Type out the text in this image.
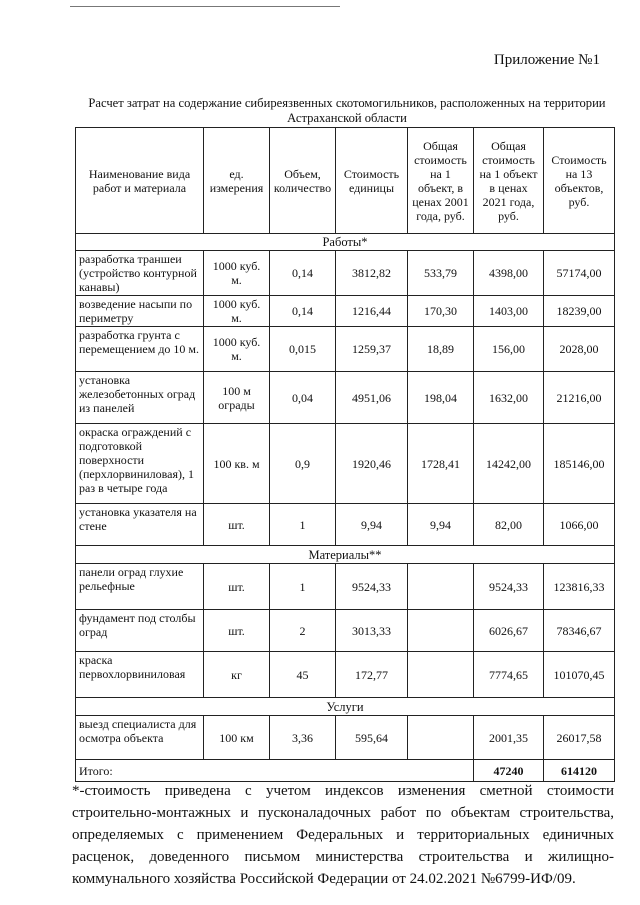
Приложение №1
Расчет затрат на содержание сибиреязвенных скотомогильников, расположенных на территории Астраханской области
Наименование вида работ и материала	ед. измерения	Объем, количество	Стоимость единицы	Общая стоимость на 1 объект, в ценах 2001 года, руб.	Общая стоимость на 1 объект в ценах 2021 года, руб.	Стоимость на 13 объектов, руб.
Работы*						
разработка траншеи (устройство контурной канавы)	1000 куб. м.	0,14	3812,82	533,79	4398,00	57174,00
возведение насыпи по периметру	1000 куб. м.	0,14	1216,44	170,30	1403,00	18239,00
разработка грунта с перемещением до 10 м.	1000 куб. м.	0,015	1259,37	18,89	156,00	2028,00
установка железобетонных оград из панелей	100 м ограды	0,04	4951,06	198,04	1632,00	21216,00
окраска ограждений с подготовкой поверхности (перхлорвиниловая), 1 раз в четыре года	100 кв. м	0,9	1920,46	1728,41	14242,00	185146,00
установка указателя на стене	шт.	1	9,94	9,94	82,00	1066,00
Материалы**						
панели оград глухие рельефные	шт.	1	9524,33		9524,33	123816,33
фундамент под столбы оград	шт.	2	3013,33		6026,67	78346,67
краска первохлорвиниловая	кг	45	172,77		7774,65	101070,45
Услуги						
выезд специалиста для осмотра объекта	100 км	3,36	595,64		2001,35	26017,58
Итого:					47240	614120
*-стоимость приведена с учетом индексов изменения сметной стоимости строительно-монтажных и пусконаладочных работ по объектам строительства, определяемых с применением Федеральных и территориальных единичных расценок, доведенного письмом министерства строительства и жилищно-коммунального хозяйства Российской Федерации от 24.02.2021 №6799-ИФ/09.
